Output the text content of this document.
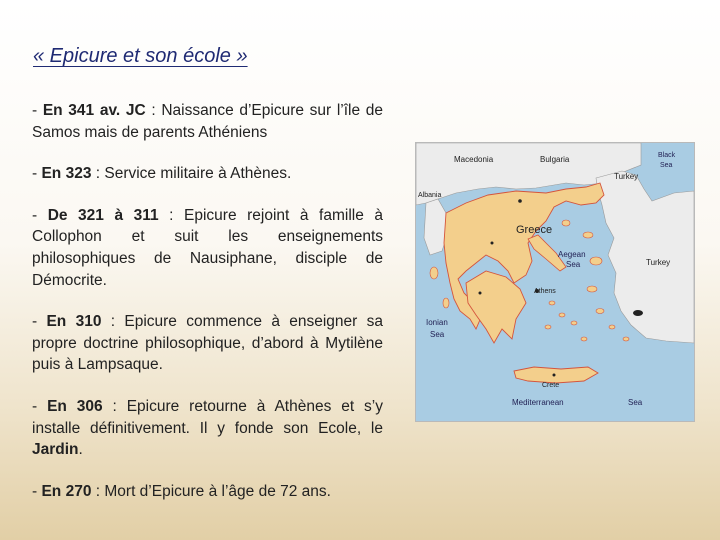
« Epicure et son école »

- En 341 av. JC : Naissance d’Epicure sur l’île de Samos mais de parents Athéniens

- En 323 : Service militaire à Athènes.

- De 321 à 311 : Epicure rejoint à famille à Collophon et suit les enseignements philosophiques de Nausiphane, disciple de Démocrite.

- En 310 : Epicure commence à enseigner sa propre doctrine philosophique, d’abord à Mytilène puis à Lampsaque.

- En 306 : Epicure retourne à Athènes et s’y installe définitivement. Il y fonde son Ecole, le Jardin.

- En 270 : Mort d’Epicure à l’âge de 72 ans.

Macedonia	Bulgaria
Albania
Turkey
Black
Sea
Greece
Aegean
Sea	Turkey
Athens
Crete
Ionian
Sea
Mediterranean	Sea
